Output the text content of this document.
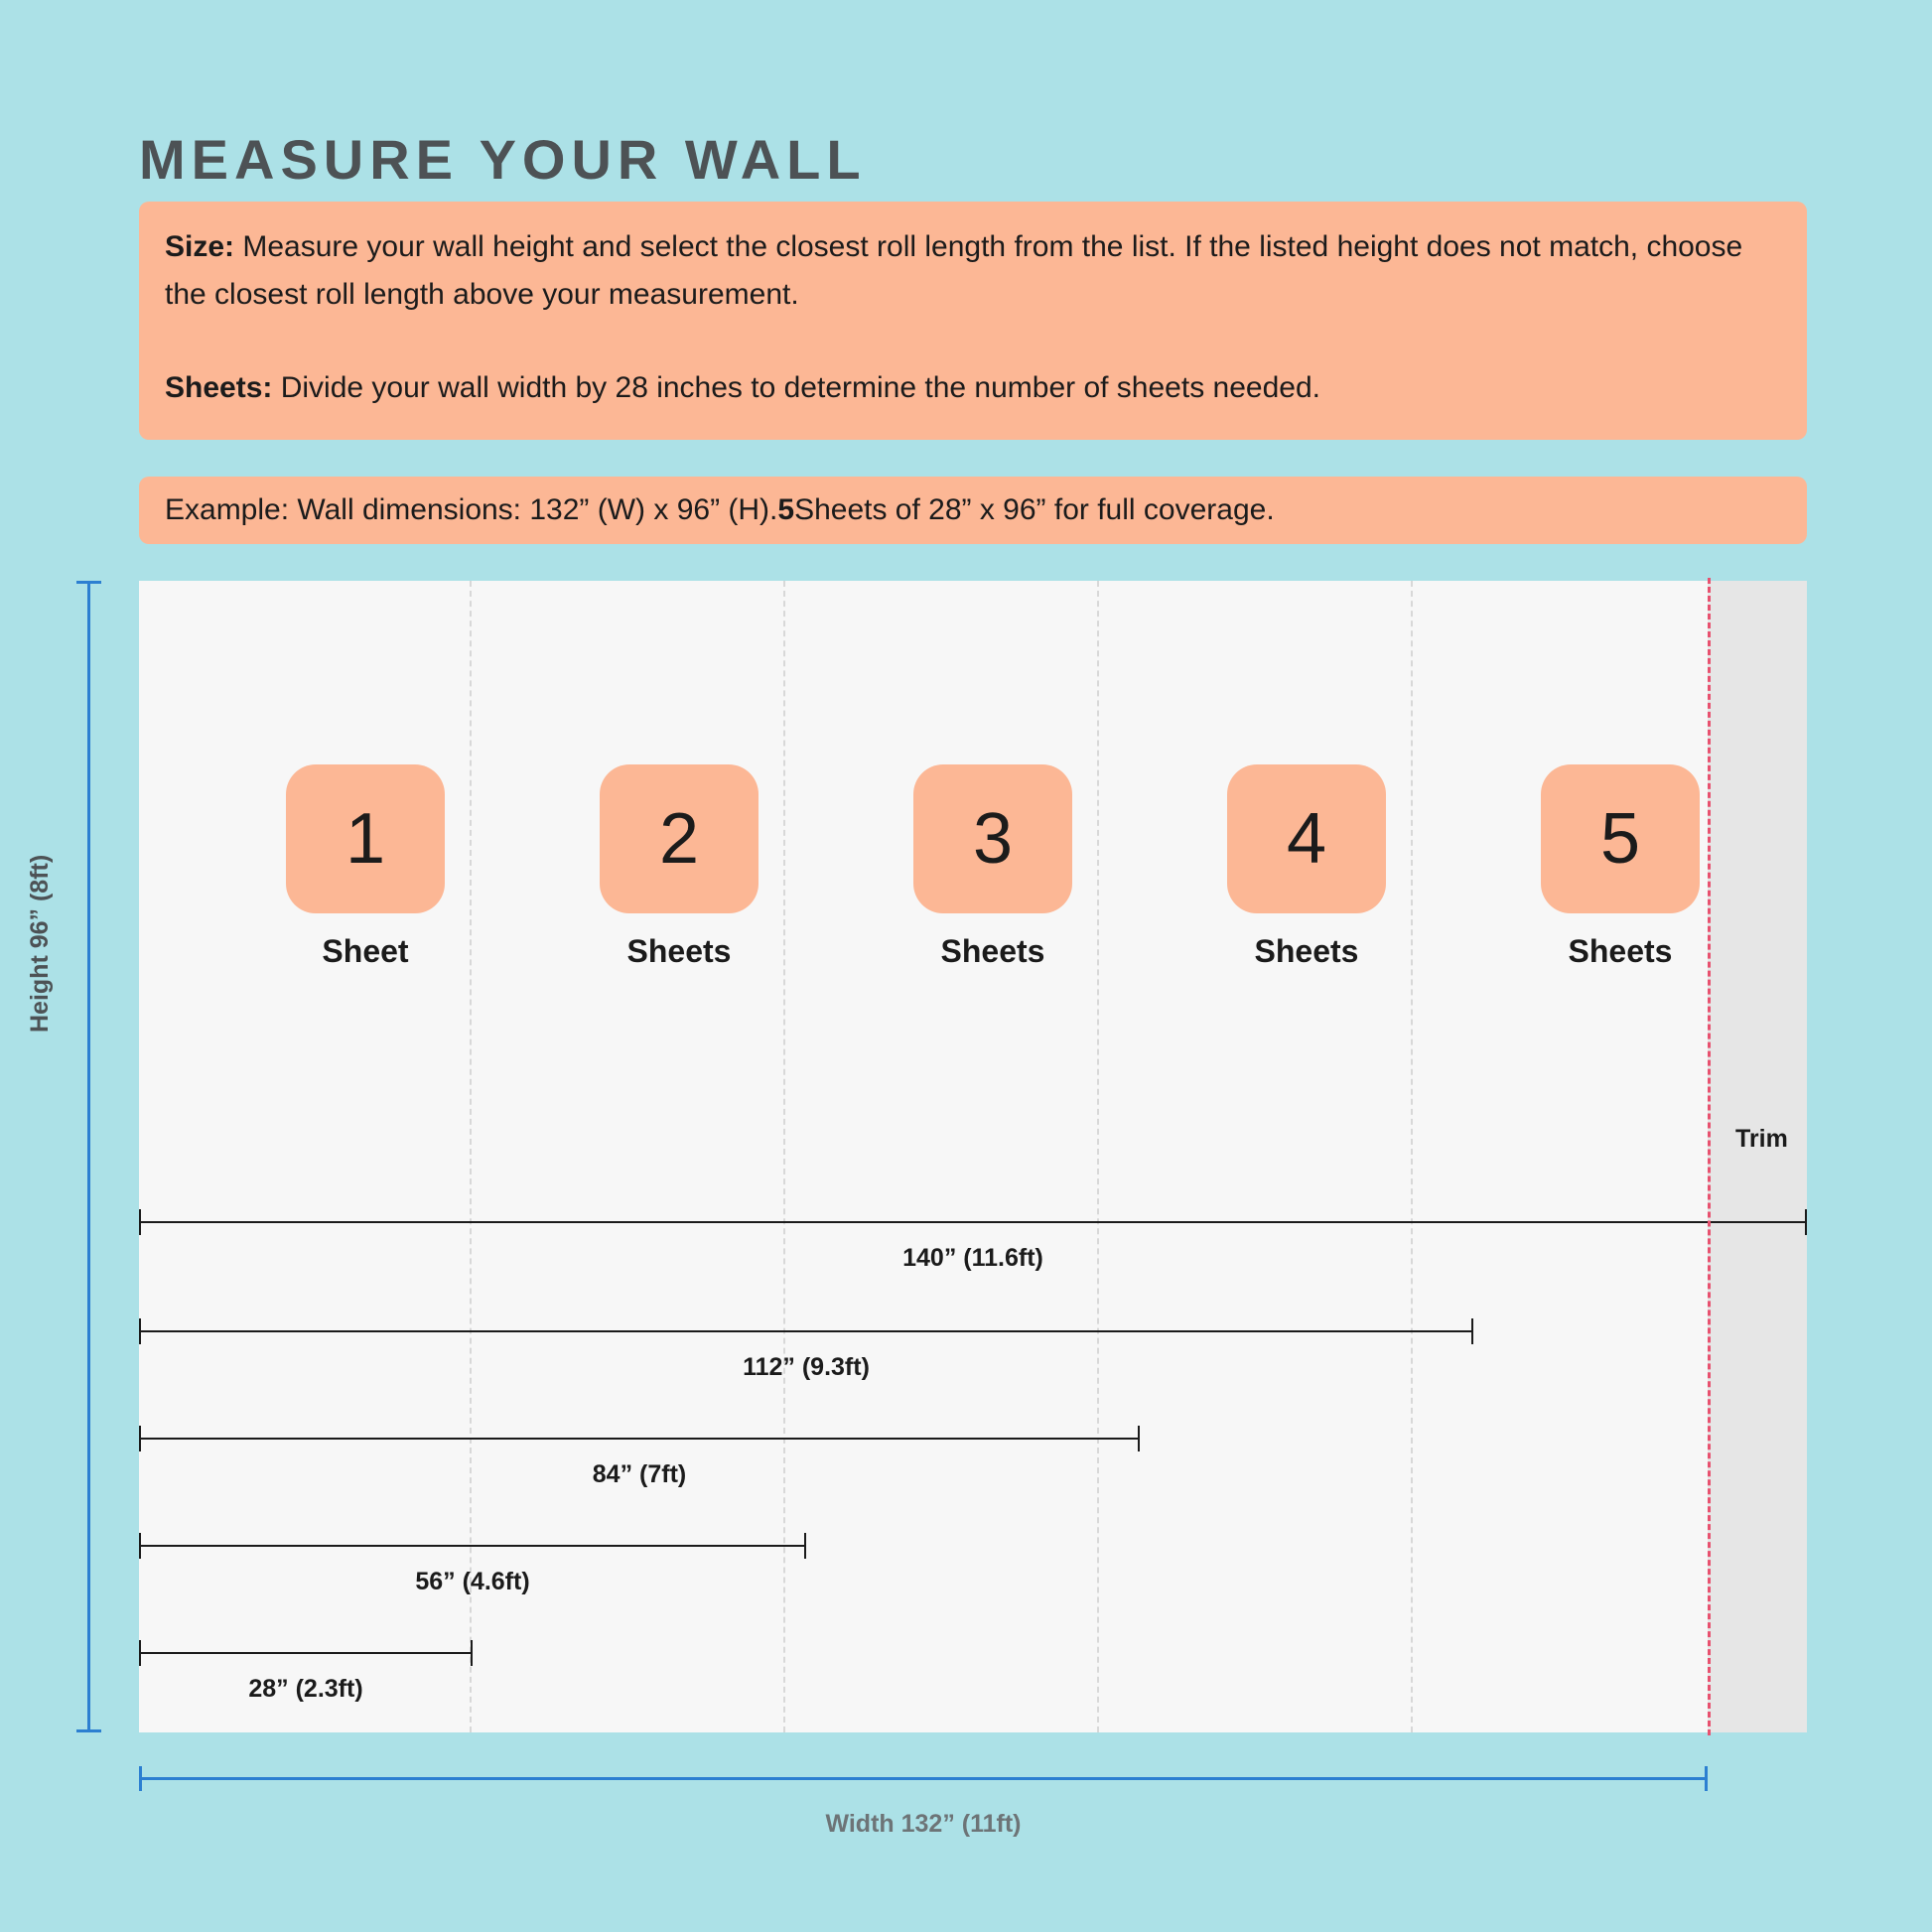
MEASURE YOUR WALL

Size: Measure your wall height and select the closest roll length from the list. If the listed height does not match, choose the closest roll length above your measurement.

Sheets: Divide your wall width by 28 inches to determine the number of sheets needed.

Example: Wall dimensions: 132” (W) x 96” (H). 5 Sheets of 28” x 96” for full coverage.
1
Sheet
2
Sheets
3
Sheets
4
Sheets
5
Sheets
140” (11.6ft)
112” (9.3ft)
84” (7ft)
56” (4.6ft)
28” (2.3ft)
Trim
Height 96” (8ft)
Width 132” (11ft)
